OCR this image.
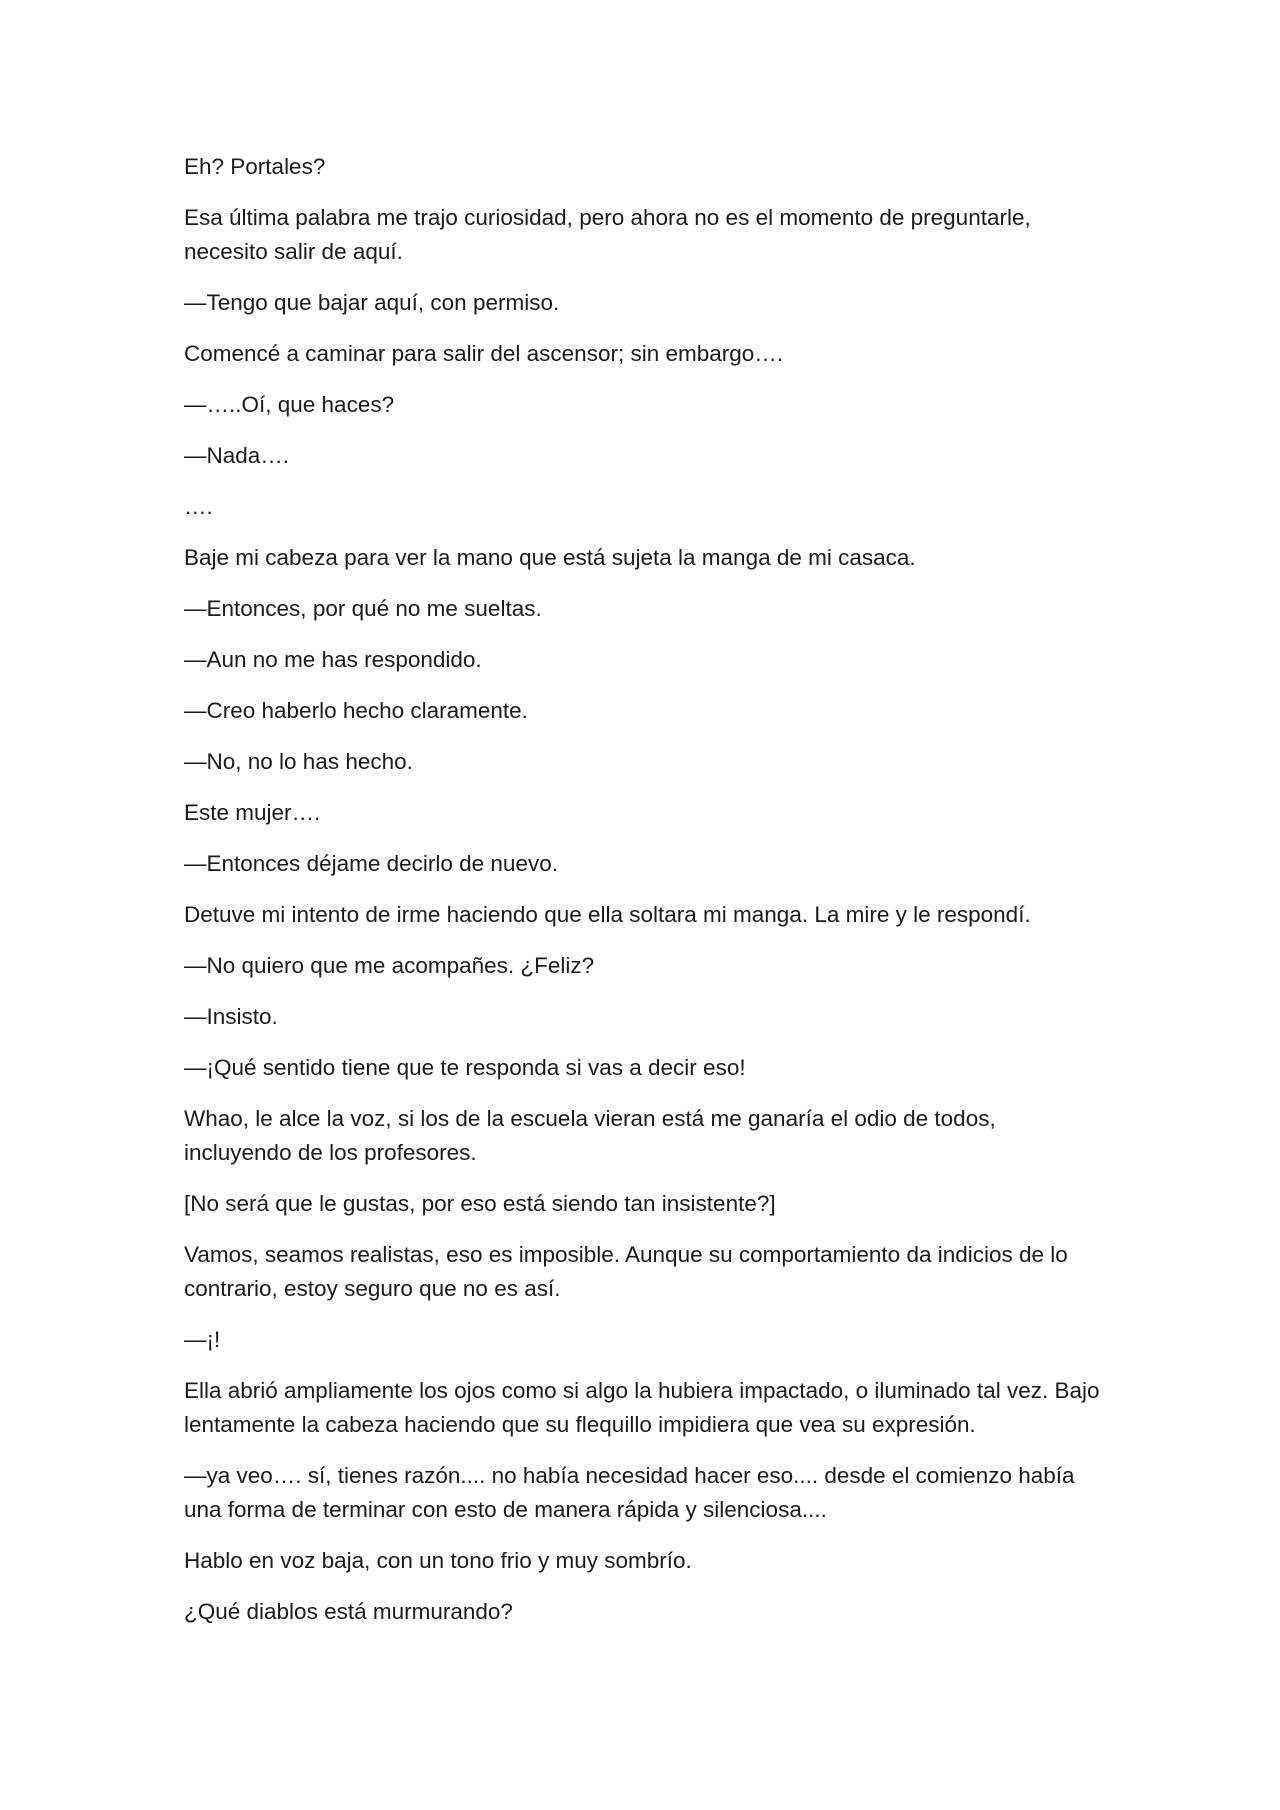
Eh? Portales?

Esa última palabra me trajo curiosidad, pero ahora no es el momento de preguntarle, necesito salir de aquí.

—Tengo que bajar aquí, con permiso.

Comencé a caminar para salir del ascensor; sin embargo….

—…..Oí, que haces?

—Nada….

….

Baje mi cabeza para ver la mano que está sujeta la manga de mi casaca.

—Entonces, por qué no me sueltas.

—Aun no me has respondido.

—Creo haberlo hecho claramente.

—No, no lo has hecho.

Este mujer….

—Entonces déjame decirlo de nuevo.

Detuve mi intento de irme haciendo que ella soltara mi manga. La mire y le respondí.

—No quiero que me acompañes. ¿Feliz?

—Insisto.

—¡Qué sentido tiene que te responda si vas a decir eso!

Whao, le alce la voz, si los de la escuela vieran está me ganaría el odio de todos, incluyendo de los profesores.

[No será que le gustas, por eso está siendo tan insistente?]

Vamos, seamos realistas, eso es imposible. Aunque su comportamiento da indicios de lo contrario, estoy seguro que no es así.

—¡!

Ella abrió ampliamente los ojos como si algo la hubiera impactado, o iluminado tal vez. Bajo lentamente la cabeza haciendo que su flequillo impidiera que vea su expresión.

—ya veo…. sí, tienes razón.... no había necesidad hacer eso.... desde el comienzo había una forma de terminar con esto de manera rápida y silenciosa....

Hablo en voz baja, con un tono frio y muy sombrío.

¿Qué diablos está murmurando?
